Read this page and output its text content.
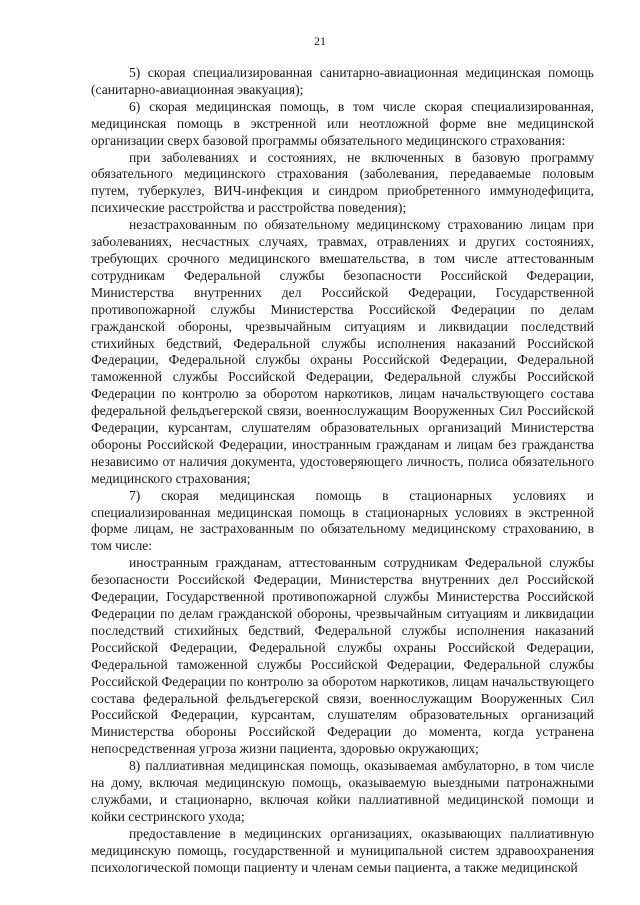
21

5) скорая специализированная санитарно-авиационная медицинская помощь (санитарно-авиационная эвакуация);

6) скорая медицинская помощь, в том числе скорая специализированная, медицинская помощь в экстренной или неотложной форме вне медицинской организации сверх базовой программы обязательного медицинского страхования:

при заболеваниях и состояниях, не включенных в базовую программу обязательного медицинского страхования (заболевания, передаваемые половым путем, туберкулез, ВИЧ-инфекция и синдром приобретенного иммунодефицита, психические расстройства и расстройства поведения);

незастрахованным по обязательному медицинскому страхованию лицам при заболеваниях, несчастных случаях, травмах, отравлениях и других состояниях, требующих срочного медицинского вмешательства, в том числе аттестованным сотрудникам Федеральной службы безопасности Российской Федерации, Министерства внутренних дел Российской Федерации, Государственной противопожарной службы Министерства Российской Федерации по делам гражданской обороны, чрезвычайным ситуациям и ликвидации последствий стихийных бедствий, Федеральной службы исполнения наказаний Российской Федерации, Федеральной службы охраны Российской Федерации, Федеральной таможенной службы Российской Федерации, Федеральной службы Российской Федерации по контролю за оборотом наркотиков, лицам начальствующего состава федеральной фельдъегерской связи, военнослужащим Вооруженных Сил Российской Федерации, курсантам, слушателям образовательных организаций Министерства обороны Российской Федерации, иностранным гражданам и лицам без гражданства независимо от наличия документа, удостоверяющего личность, полиса обязательного медицинского страхования;

7) скорая медицинская помощь в стационарных условиях и специализированная медицинская помощь в стационарных условиях в экстренной форме лицам, не застрахованным по обязательному медицинскому страхованию, в том числе:

иностранным гражданам, аттестованным сотрудникам Федеральной службы безопасности Российской Федерации, Министерства внутренних дел Российской Федерации, Государственной противопожарной службы Министерства Российской Федерации по делам гражданской обороны, чрезвычайным ситуациям и ликвидации последствий стихийных бедствий, Федеральной службы исполнения наказаний Российской Федерации, Федеральной службы охраны Российской Федерации, Федеральной таможенной службы Российской Федерации, Федеральной службы Российской Федерации по контролю за оборотом наркотиков, лицам начальствующего состава федеральной фельдъегерской связи, военнослужащим Вооруженных Сил Российской Федерации, курсантам, слушателям образовательных организаций Министерства обороны Российской Федерации до момента, когда устранена непосредственная угроза жизни пациента, здоровью окружающих;

8) паллиативная медицинская помощь, оказываемая амбулаторно, в том числе на дому, включая медицинскую помощь, оказываемую выездными патронажными службами, и стационарно, включая койки паллиативной медицинской помощи и койки сестринского ухода;

предоставление в медицинских организациях, оказывающих паллиативную медицинскую помощь, государственной и муниципальной систем здравоохранения психологической помощи пациенту и членам семьи пациента, а также медицинской
